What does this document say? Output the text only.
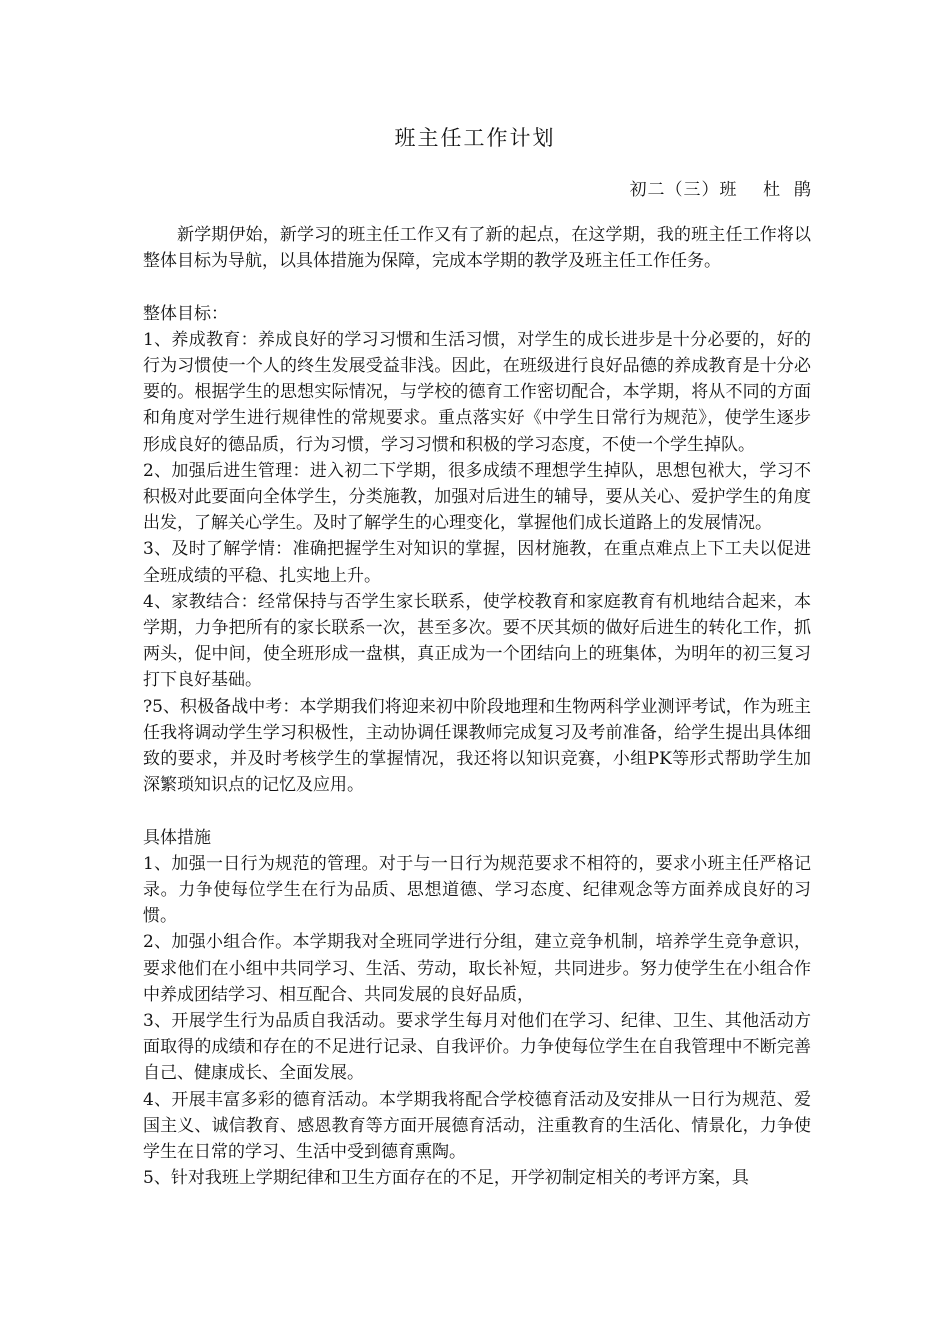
班主任工作计划
初二（三）班    杜  鹃

新学期伊始，新学习的班主任工作又有了新的起点，在这学期，我的班主任工作将以整体目标为导航，以具体措施为保障，完成本学期的教学及班主任工作任务。

整体目标：

1、养成教育：养成良好的学习习惯和生活习惯，对学生的成长进步是十分必要的，好的行为习惯使一个人的终生发展受益非浅。因此，在班级进行良好品德的养成教育是十分必要的。根据学生的思想实际情况，与学校的德育工作密切配合，本学期，将从不同的方面和角度对学生进行规律性的常规要求。重点落实好《中学生日常行为规范》，使学生逐步形成良好的德品质，行为习惯，学习习惯和积极的学习态度，不使一个学生掉队。

2、加强后进生管理：进入初二下学期，很多成绩不理想学生掉队，思想包袱大，学习不积极对此要面向全体学生，分类施教，加强对后进生的辅导，要从关心、爱护学生的角度出发，了解关心学生。及时了解学生的心理变化，掌握他们成长道路上的发展情况。

3、及时了解学情：准确把握学生对知识的掌握，因材施教，在重点难点上下工夫以促进全班成绩的平稳、扎实地上升。

4、家教结合：经常保持与否学生家长联系，使学校教育和家庭教育有机地结合起来，本学期，力争把所有的家长联系一次，甚至多次。要不厌其烦的做好后进生的转化工作，抓两头，促中间，使全班形成一盘棋，真正成为一个团结向上的班集体，为明年的初三复习打下良好基础。

?5、积极备战中考：本学期我们将迎来初中阶段地理和生物两科学业测评考试，作为班主任我将调动学生学习积极性，主动协调任课教师完成复习及考前准备，给学生提出具体细致的要求，并及时考核学生的掌握情况，我还将以知识竞赛，小组PK等形式帮助学生加深繁琐知识点的记忆及应用。

具体措施

1、加强一日行为规范的管理。对于与一日行为规范要求不相符的，要求小班主任严格记录。力争使每位学生在行为品质、思想道德、学习态度、纪律观念等方面养成良好的习惯。

2、加强小组合作。本学期我对全班同学进行分组，建立竞争机制，培养学生竞争意识，要求他们在小组中共同学习、生活、劳动，取长补短，共同进步。努力使学生在小组合作中养成团结学习、相互配合、共同发展的良好品质，

3、开展学生行为品质自我活动。要求学生每月对他们在学习、纪律、卫生、其他活动方面取得的成绩和存在的不足进行记录、自我评价。力争使每位学生在自我管理中不断完善自己、健康成长、全面发展。

4、开展丰富多彩的德育活动。本学期我将配合学校德育活动及安排从一日行为规范、爱国主义、诚信教育、感恩教育等方面开展德育活动，注重教育的生活化、情景化，力争使学生在日常的学习、生活中受到德育熏陶。

5、针对我班上学期纪律和卫生方面存在的不足，开学初制定相关的考评方案，具
